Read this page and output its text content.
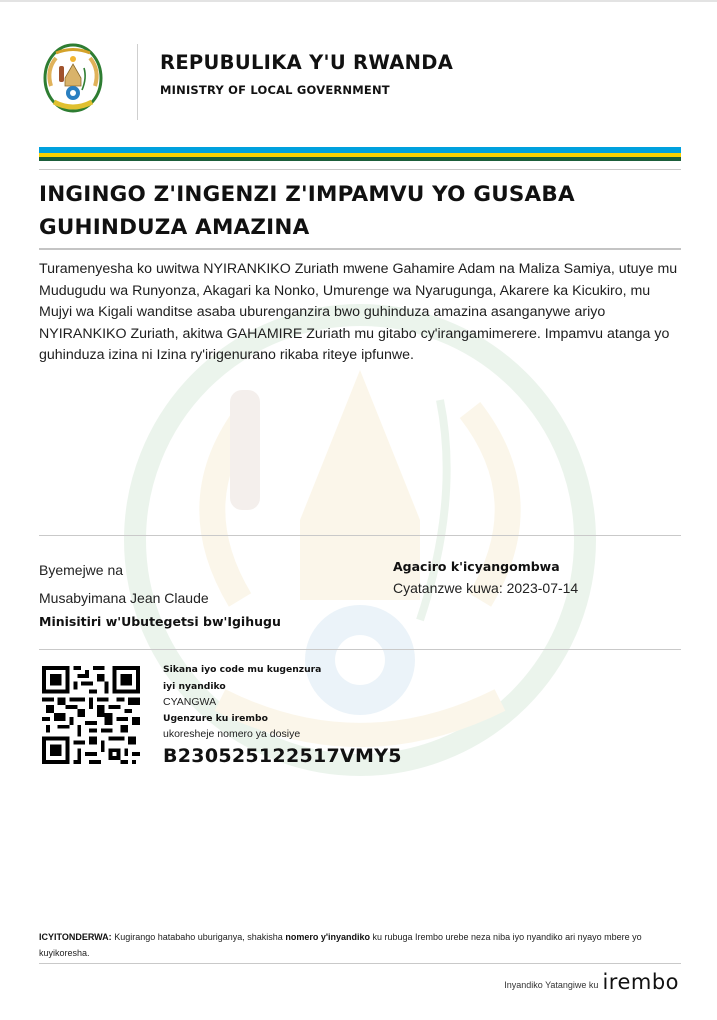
REPUBULIKA Y'U RWANDA
MINISTRY OF LOCAL GOVERNMENT
INGINGO Z'INGENZI Z'IMPAMVU YO GUSABA GUHINDUZA AMAZINA
Turamenyesha ko uwitwa NYIRANKIKO Zuriath mwene Gahamire Adam na Maliza Samiya, utuye mu Mudugudu wa Runyonza, Akagari ka Nonko, Umurenge wa Nyarugunga, Akarere ka Kicukiro, mu Mujyi wa Kigali wanditse asaba uburenganzira bwo guhinduza amazina asanganywe ariyo NYIRANKIKO Zuriath, akitwa GAHAMIRE Zuriath mu gitabo cy'irangamimerere. Impamvu atanga yo guhinduza izina ni Izina ry'irigenurano rikaba riteye ipfunwe.
Byemejwe na
Musabyimana Jean Claude
Minisitiri w'Ubutegetsi bw'Igihugu
Agaciro k'icyangombwa
Cyatanzwe kuwa: 2023-07-14
Sikana iyo code mu kugenzura
iyi nyandiko
CYANGWA
Ugenzure ku irembo
ukoresheje nomero ya dosiye
B230525122517VMY5
ICYITONDERWA: Kugirango hatabaho uburiganya, shakisha nomero y'inyandiko ku rubuga Irembo urebe neza niba iyo nyandiko ari nyayo mbere yo kuyikoresha.
Inyandiko Yatangiwe ku irembo
